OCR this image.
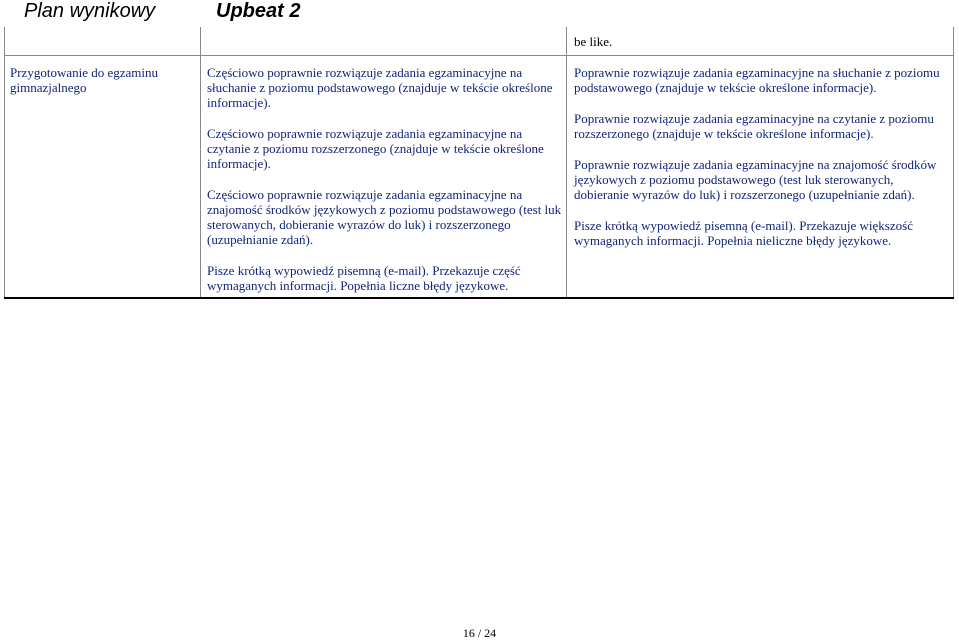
Plan wynikowy	Upbeat 2
be like.
Przygotowanie do egzaminu gimnazjalnego

Częściowo poprawnie rozwiązuje zadania egzaminacyjne na słuchanie z poziomu podstawowego (znajduje w tekście określone informacje).

Częściowo poprawnie rozwiązuje zadania egzaminacyjne na czytanie z poziomu rozszerzonego (znajduje w tekście określone informacje).

Częściowo poprawnie rozwiązuje zadania egzaminacyjne na znajomość środków językowych z poziomu podstawowego (test luk sterowanych, dobieranie wyrazów do luk) i rozszerzonego (uzupełnianie zdań).

Pisze krótką wypowiedź pisemną (e-mail). Przekazuje część wymaganych informacji. Popełnia liczne błędy językowe.

Poprawnie rozwiązuje zadania egzaminacyjne na słuchanie z poziomu podstawowego (znajduje w tekście określone informacje).

Poprawnie rozwiązuje zadania egzaminacyjne na czytanie z poziomu rozszerzonego (znajduje w tekście określone informacje).

Poprawnie rozwiązuje zadania egzaminacyjne na znajomość środków językowych z poziomu podstawowego (test luk sterowanych, dobieranie wyrazów do luk) i rozszerzonego (uzupełnianie zdań).

Pisze krótką wypowiedź pisemną (e-mail). Przekazuje większość wymaganych informacji. Popełnia nieliczne błędy językowe.

16 / 24
